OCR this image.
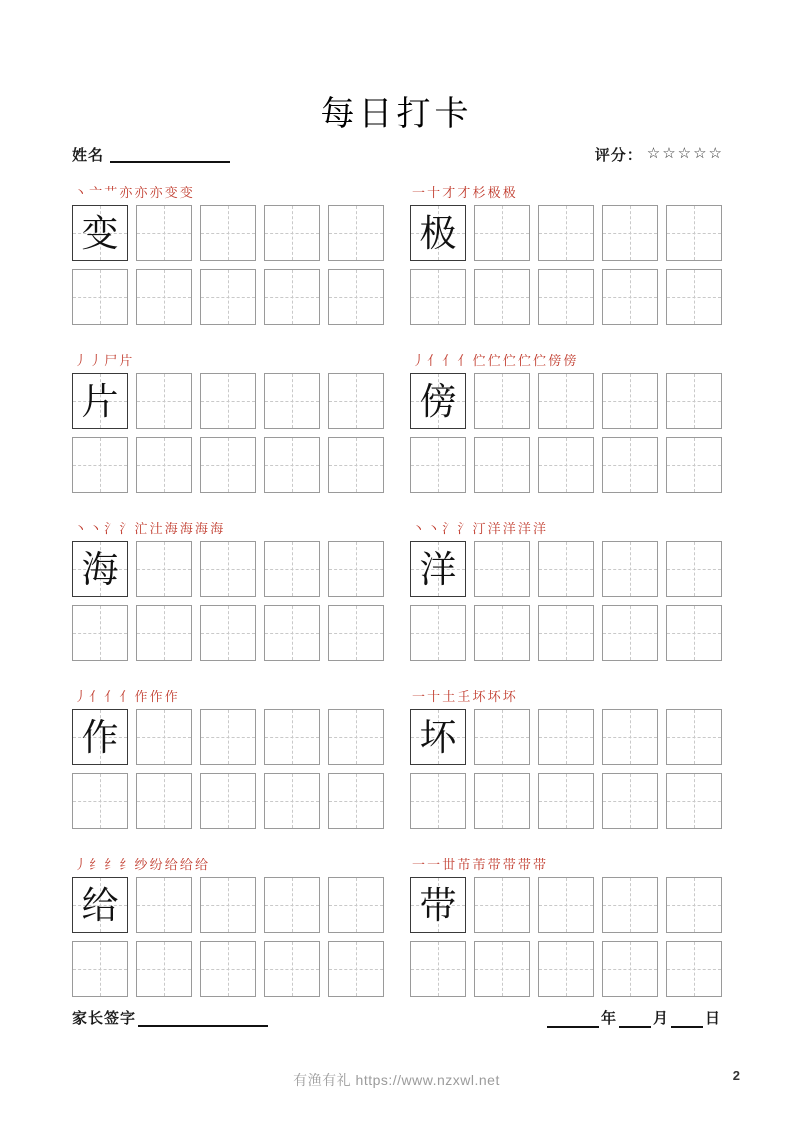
每日打卡
姓名	评分： ☆ ☆ ☆ ☆ ☆
丶 亠 艹 亦 亦 亦 变 变
变
一 十 才 才 杉 极 极
极
丿 丿 尸 片
片
丿 亻 亻 亻 伫 伫 伫 伫 伫 傍 傍
傍
丶 丶 氵 氵 汒 汢 海 海 海 海
海
丶 丶 氵 氵 汀 洋 洋 洋 洋
洋
丿 亻 亻 亻 作 作 作
作
一 十 土 𡈼 坏 坏 坏
坏
丿 纟 纟 纟 纱 纷 给 给 给
给
一 一 丗 芇 芾 带 带 带 带
带
家长签字	年 月 日
有渔有礼 https://www.nzxwl.net	2
